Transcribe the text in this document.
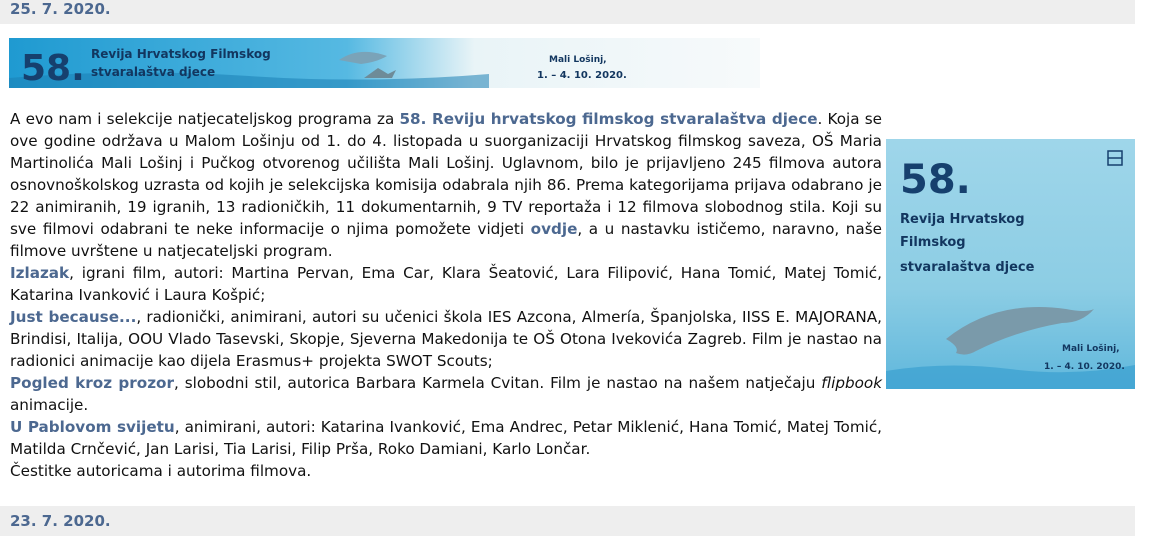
25. 7. 2020.
58. Revija Hrvatskog Filmskog
stvaralaštva djece
Mali Lošinj,
1. – 4. 10. 2020.
58.
Revija Hrvatskog
Filmskog
stvaralaštva djece
Mali Lošinj,
1. – 4. 10. 2020.

A evo nam i selekcije natjecateljskog programa za 58. Reviju hrvatskog filmskog stvaralaštva djece. Koja se ove godine održava u Malom Lošinju od 1. do 4. listopada u suorganizaciji Hrvatskog filmskog saveza, OŠ Maria Martinolića Mali Lošinj i Pučkog otvorenog učilišta Mali Lošinj. Uglavnom, bilo je prijavljeno 245 filmova autora osnovnoškolskog uzrasta od kojih je selekcijska komisija odabrala njih 86. Prema kategorijama prijava odabrano je 22 animiranih, 19 igranih, 13 radioničkih, 11 dokumentarnih, 9 TV reportaža i 12 filmova slobodnog stila. Koji su sve filmovi odabrani te neke informacije o njima pomožete vidjeti ovdje, a u nastavku ističemo, naravno, naše filmove uvrštene u natjecateljski program.

Izlazak, igrani film, autori: Martina Pervan, Ema Car, Klara Šeatović, Lara Filipović, Hana Tomić, Matej Tomić, Katarina Ivanković i Laura Košpić;

Just because..., radionički, animirani, autori su učenici škola IES Azcona, Almería, Španjolska, IISS E. MAJORANA, Brindisi, Italija, OOU Vlado Tasevski, Skopje, Sjeverna Makedonija te OŠ Otona Ivekovića Zagreb. Film je nastao na radionici animacije kao dijela Erasmus+ projekta SWOT Scouts;

Pogled kroz prozor, slobodni stil, autorica Barbara Karmela Cvitan. Film je nastao na našem natječaju flipbook animacije.

U Pablovom svijetu, animirani, autori: Katarina Ivanković, Ema Andrec, Petar Miklenić, Hana Tomić, Matej Tomić, Matilda Crnčević, Jan Larisi, Tia Larisi, Filip Prša, Roko Damiani, Karlo Lončar.

Čestitke autoricama i autorima filmova.

23. 7. 2020.
